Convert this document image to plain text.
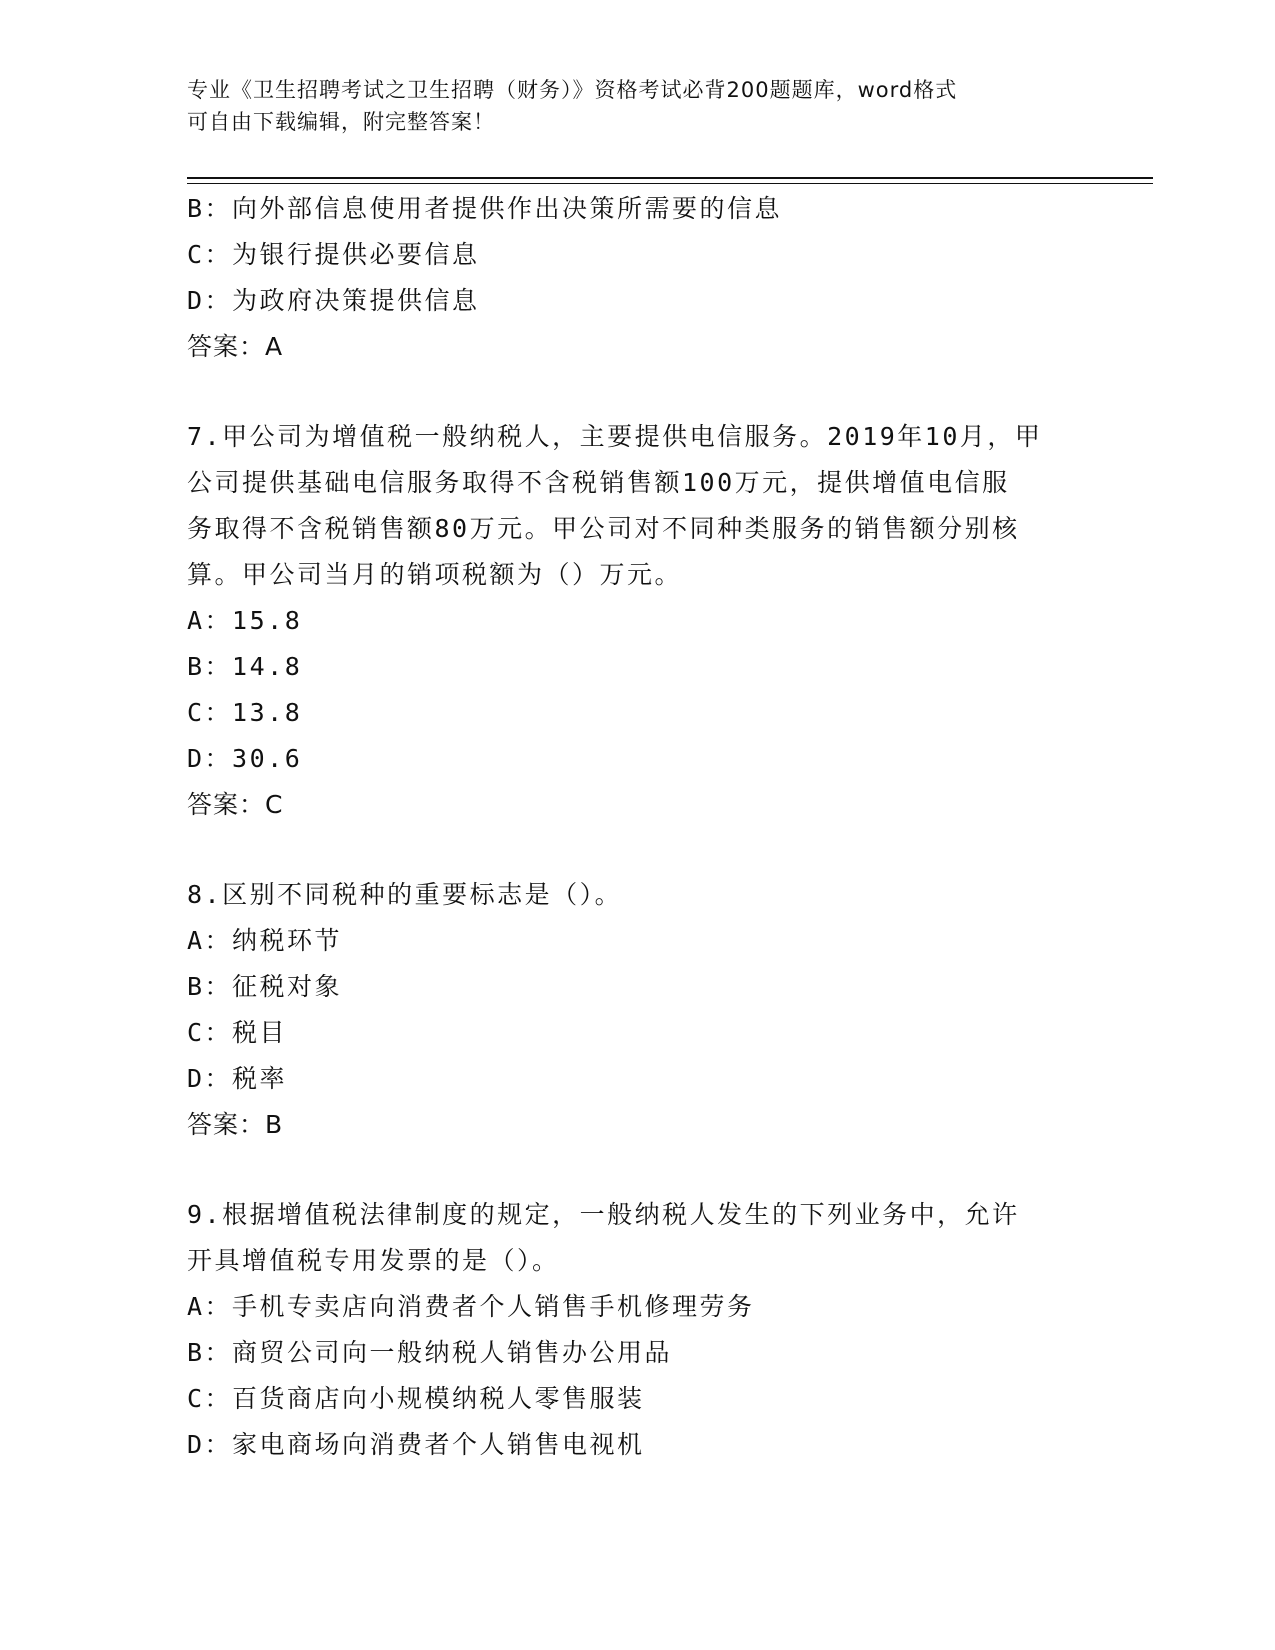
专业《卫生招聘考试之卫生招聘（财务）》资格考试必背200题题库，word格式
可自由下载编辑，附完整答案！
B：向外部信息使用者提供作出决策所需要的信息
C：为银行提供必要信息
D：为政府决策提供信息
答案：A
7.甲公司为增值税一般纳税人，主要提供电信服务。2019年10月，甲
公司提供基础电信服务取得不含税销售额100万元，提供增值电信服
务取得不含税销售额80万元。甲公司对不同种类服务的销售额分别核
算。甲公司当月的销项税额为（）万元。
A：15.8
B：14.8
C：13.8
D：30.6
答案：C
8.区别不同税种的重要标志是（）。
A：纳税环节
B：征税对象
C：税目
D：税率
答案：B
9.根据增值税法律制度的规定，一般纳税人发生的下列业务中，允许
开具增值税专用发票的是（）。
A：手机专卖店向消费者个人销售手机修理劳务
B：商贸公司向一般纳税人销售办公用品
C：百货商店向小规模纳税人零售服装
D：家电商场向消费者个人销售电视机
